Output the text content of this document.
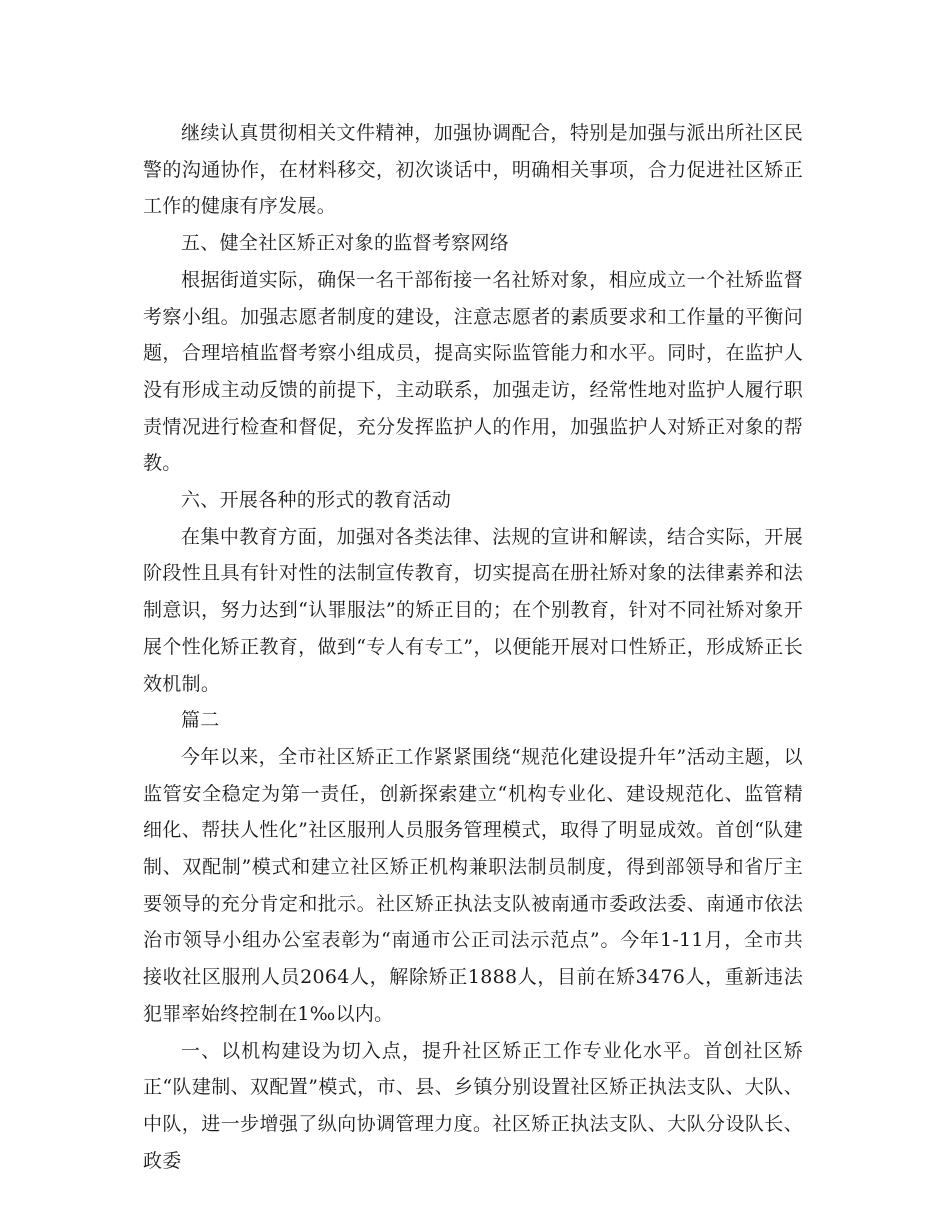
继续认真贯彻相关文件精神，加强协调配合，特别是加强与派出所社区民警的沟通协作，在材料移交，初次谈话中，明确相关事项，合力促进社区矫正工作的健康有序发展。

五、健全社区矫正对象的监督考察网络

根据街道实际，确保一名干部衔接一名社矫对象，相应成立一个社矫监督考察小组。加强志愿者制度的建设，注意志愿者的素质要求和工作量的平衡问题，合理培植监督考察小组成员，提高实际监管能力和水平。同时，在监护人没有形成主动反馈的前提下，主动联系，加强走访，经常性地对监护人履行职责情况进行检查和督促，充分发挥监护人的作用，加强监护人对矫正对象的帮教。

六、开展各种的形式的教育活动

在集中教育方面，加强对各类法律、法规的宣讲和解读，结合实际，开展阶段性且具有针对性的法制宣传教育，切实提高在册社矫对象的法律素养和法制意识，努力达到“认罪服法”的矫正目的；在个别教育，针对不同社矫对象开展个性化矫正教育，做到“专人有专工”，以便能开展对口性矫正，形成矫正长效机制。

篇二

今年以来，全市社区矫正工作紧紧围绕“规范化建设提升年”活动主题，以监管安全稳定为第一责任，创新探索建立“机构专业化、建设规范化、监管精细化、帮扶人性化”社区服刑人员服务管理模式，取得了明显成效。首创“队建制、双配制”模式和建立社区矫正机构兼职法制员制度，得到部领导和省厅主要领导的充分肯定和批示。社区矫正执法支队被南通市委政法委、南通市依法治市领导小组办公室表彰为“南通市公正司法示范点”。今年1-11月，全市共接收社区服刑人员2064人，解除矫正1888人，目前在矫3476人，重新违法犯罪率始终控制在1‰以内。

一、以机构建设为切入点，提升社区矫正工作专业化水平。首创社区矫正“队建制、双配置”模式，市、县、乡镇分别设置社区矫正执法支队、大队、中队，进一步增强了纵向协调管理力度。社区矫正执法支队、大队分设队长、政委
